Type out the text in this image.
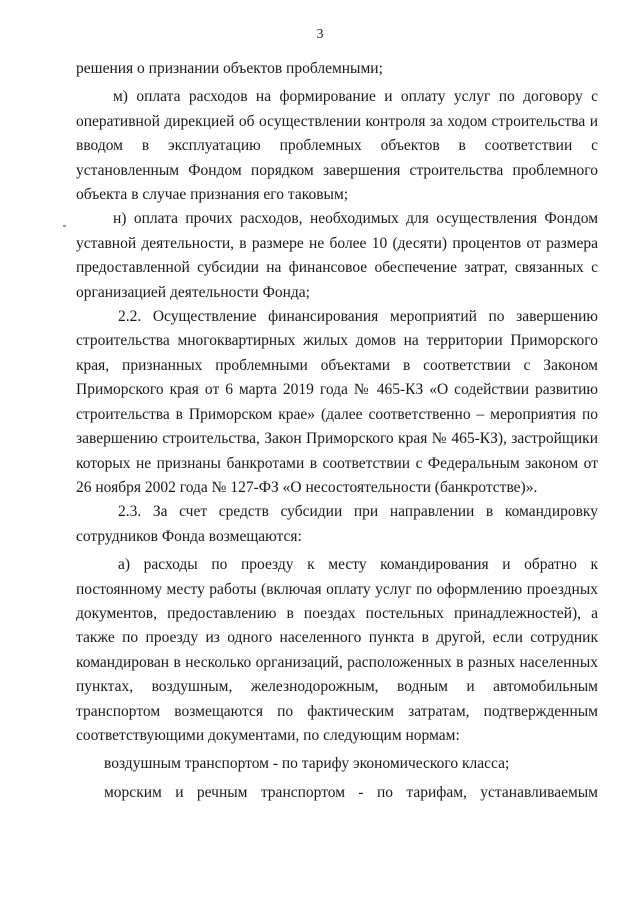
3

решения о признании объектов проблемными;

м) оплата расходов на формирование и оплату услуг по договору с оперативной дирекцией об осуществлении контроля за ходом строительства и вводом в эксплуатацию проблемных объектов в соответствии с установленным Фондом порядком завершения строительства проблемного объекта в случае признания его таковым;

н) оплата прочих расходов, необходимых для осуществления Фондом уставной деятельности, в размере не более 10 (десяти) процентов от размера предоставленной субсидии на финансовое обеспечение затрат, связанных с организацией деятельности Фонда;

2.2. Осуществление финансирования мероприятий по завершению строительства многоквартирных жилых домов на территории Приморского края, признанных проблемными объектами в соответствии с Законом Приморского края от 6 марта 2019 года № 465-КЗ «О содействии развитию строительства в Приморском крае» (далее соответственно – мероприятия по завершению строительства, Закон Приморского края № 465-КЗ), застройщики которых не признаны банкротами в соответствии с Федеральным законом от 26 ноября 2002 года № 127-ФЗ «О несостоятельности (банкротстве)».

2.3. За счет средств субсидии при направлении в командировку сотрудников Фонда возмещаются:

а) расходы по проезду к месту командирования и обратно к постоянному месту работы (включая оплату услуг по оформлению проездных документов, предоставлению в поездах постельных принадлежностей), а также по проезду из одного населенного пункта в другой, если сотрудник командирован в несколько организаций, расположенных в разных населенных пунктах, воздушным, железнодорожным, водным и автомобильным транспортом возмещаются по фактическим затратам, подтвержденным соответствующими документами, по следующим нормам:

воздушным транспортом - по тарифу экономического класса;

морским и речным транспортом - по тарифам, устанавливаемым
